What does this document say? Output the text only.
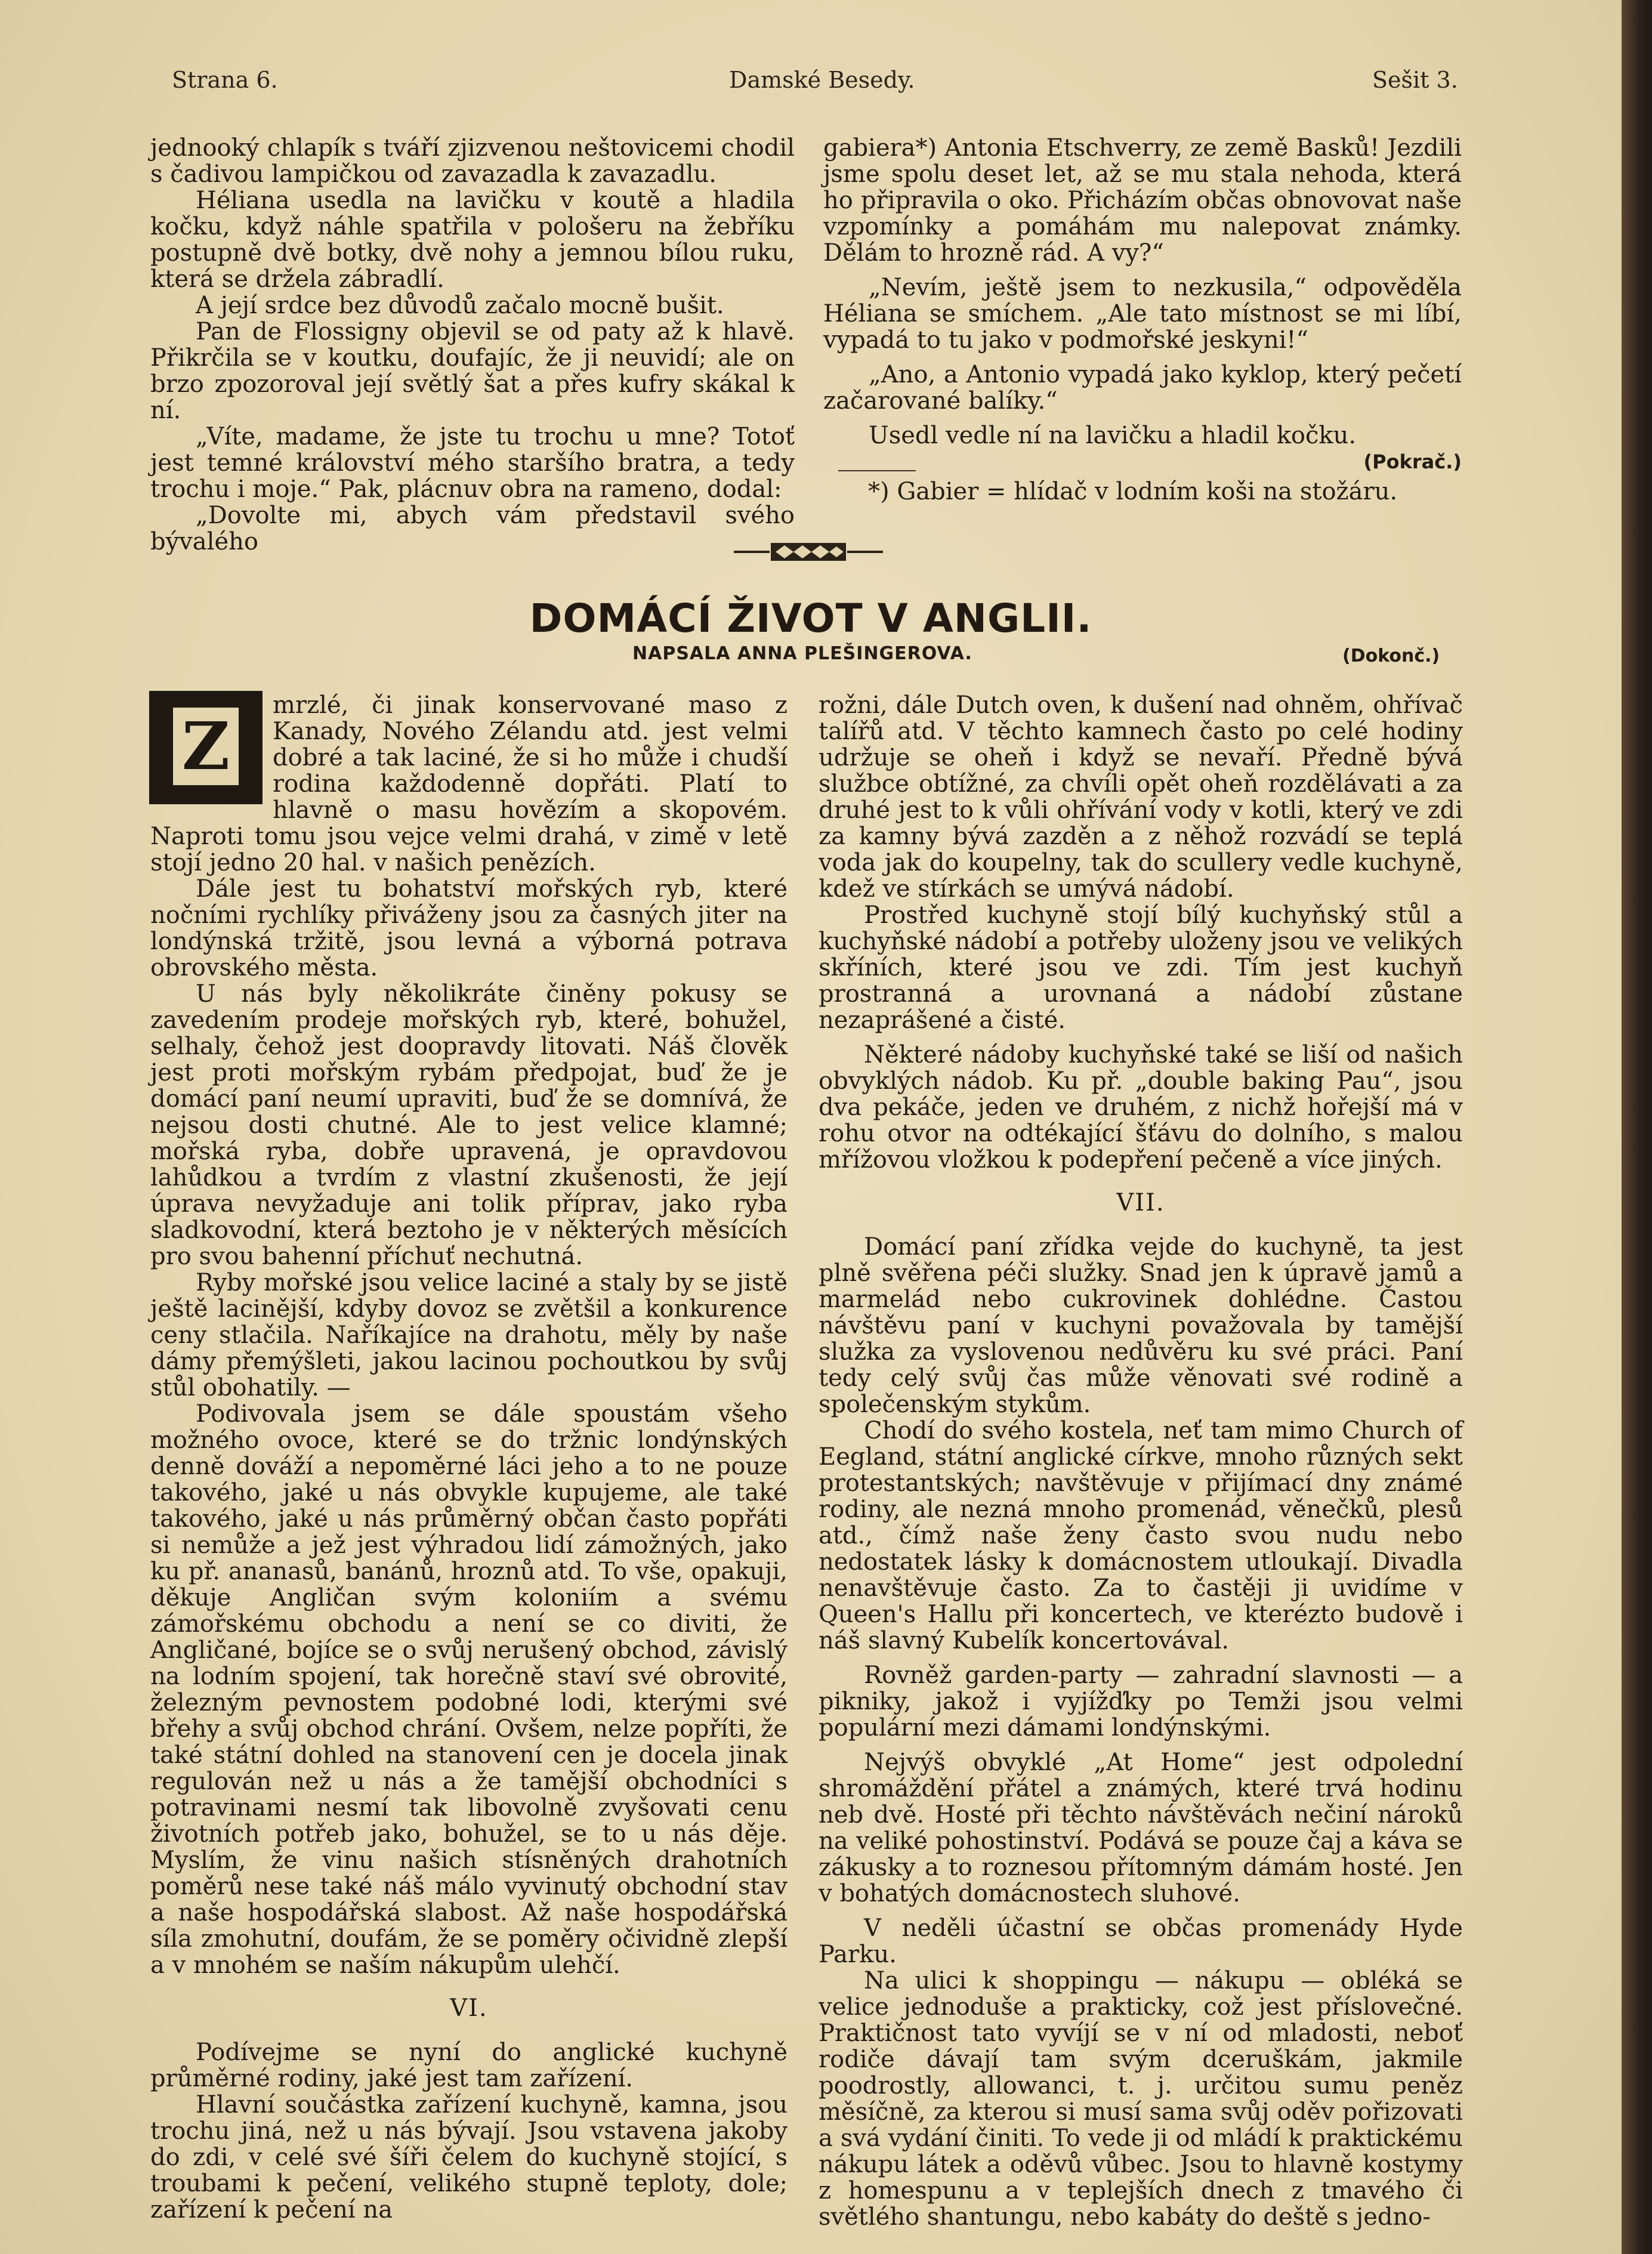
Strana 6.	Damské Besedy.	Sešit 3.

jednooký chlapík s tváří zjizvenou neštovicemi chodil s čadivou lampičkou od zavazadla k zavazadlu.

Héliana usedla na lavičku v koutě a hladila kočku, když náhle spatřila v pološeru na žebříku postupně dvě botky, dvě nohy a jemnou bílou ruku, která se držela zábradlí.

A její srdce bez důvodů začalo mocně bušit.

Pan de Flossigny objevil se od paty až k hlavě. Přikrčila se v koutku, doufajíc, že ji neuvidí; ale on brzo zpozoroval její světlý šat a přes kufry skákal k ní.

„Víte, madame, že jste tu trochu u mne? Totoť jest temné království mého staršího bratra, a tedy trochu i moje.“ Pak, plácnuv obra na rameno, dodal:

„Dovolte mi, abych vám představil svého bývalého

gabiera*) Antonia Etschverry, ze země Basků! Jezdili jsme spolu deset let, až se mu stala nehoda, která ho připravila o oko. Přicházím občas obnovovat naše vzpomínky a pomáhám mu nalepovat známky. Dělám to hrozně rád. A vy?“

„Nevím, ještě jsem to nezkusila,“ odpověděla Héliana se smíchem. „Ale tato místnost se mi líbí, vypadá to tu jako v podmořské jeskyni!“

„Ano, a Antonio vypadá jako kyklop, který pečetí začarované balíky.“

Usedl vedle ní na lavičku a hladil kočku.
(Pokrač.)

*) Gabier = hlídač v lodním koši na stožáru.
DOMÁCÍ ŽIVOT V ANGLII.
NAPSALA ANNA PLEŠINGEROVA.	(Dokonč.)
Z

mrzlé, či jinak konservované maso z Kanady, Nového Zélandu atd. jest velmi dobré a tak laciné, že si ho může i chudší rodina každodenně dopřáti. Platí to hlavně o masu hovězím a skopovém. Naproti tomu jsou vejce velmi drahá, v zimě v letě stojí jedno 20 hal. v našich penězích.

Dále jest tu bohatství mořských ryb, které nočními rychlíky přiváženy jsou za časných jiter na londýnská tržitě, jsou levná a výborná potrava obrovského města.

U nás byly několikráte činěny pokusy se zavedením prodeje mořských ryb, které, bohužel, selhaly, čehož jest doopravdy litovati. Náš člověk jest proti mořským rybám předpojat, buď že je domácí paní neumí upraviti, buď že se domnívá, že nejsou dosti chutné. Ale to jest velice klamné; mořská ryba, dobře upravená, je opravdovou lahůdkou a tvrdím z vlastní zkušenosti, že její úprava nevyžaduje ani tolik příprav, jako ryba sladkovodní, která beztoho je v některých měsících pro svou bahenní příchuť nechutná.

Ryby mořské jsou velice laciné a staly by se jistě ještě lacinější, kdyby dovoz se zvětšil a konkurence ceny stlačila. Naříkajíce na drahotu, měly by naše dámy přemýšleti, jakou lacinou pochoutkou by svůj stůl obohatily. —

Podivovala jsem se dále spoustám všeho možného ovoce, které se do tržnic londýnských denně dováží a nepoměrné láci jeho a to ne pouze takového, jaké u nás obvykle kupujeme, ale také takového, jaké u nás průměrný občan často popřáti si nemůže a jež jest výhradou lidí zámožných, jako ku př. ananasů, banánů, hroznů atd. To vše, opakuji, děkuje Angličan svým koloniím a svému zámořskému obchodu a není se co diviti, že Angličané, bojíce se o svůj nerušený obchod, závislý na lodním spojení, tak horečně staví své obrovité, železným pevnostem podobné lodi, kterými své břehy a svůj obchod chrání. Ovšem, nelze popříti, že také státní dohled na stanovení cen je docela jinak regulován než u nás a že tamější obchodníci s potravinami nesmí tak libovolně zvyšovati cenu životních potřeb jako, bohužel, se to u nás děje. Myslím, že vinu našich stísněných drahotních poměrů nese také náš málo vyvinutý obchodní stav a naše hospodářská slabost. Až naše hospodářská síla zmohutní, doufám, že se poměry očividně zlepší a v mnohém se naším nákupům ulehčí.

VI.

Podívejme se nyní do anglické kuchyně průměrné rodiny, jaké jest tam zařízení.

Hlavní součástka zařízení kuchyně, kamna, jsou trochu jiná, než u nás bývají. Jsou vstavena jakoby do zdi, v celé své šíři čelem do kuchyně stojící, s troubami k pečení, velikého stupně teploty, dole; zařízení k pečení na

rožni, dále Dutch oven, k dušení nad ohněm, ohřívač talířů atd. V těchto kamnech často po celé hodiny udržuje se oheň i když se nevaří. Předně bývá službce obtížné, za chvíli opět oheň rozdělávati a za druhé jest to k vůli ohřívání vody v kotli, který ve zdi za kamny bývá zazděn a z něhož rozvádí se teplá voda jak do koupelny, tak do scullery vedle kuchyně, kdež ve stírkách se umývá nádobí.

Prostřed kuchyně stojí bílý kuchyňský stůl a kuchyňské nádobí a potřeby uloženy jsou ve velikých skříních, které jsou ve zdi. Tím jest kuchyň prostranná a urovnaná a nádobí zůstane nezaprášené a čisté.

Některé nádoby kuchyňské také se liší od našich obvyklých nádob. Ku př. „double baking Pau“, jsou dva pekáče, jeden ve druhém, z nichž hořejší má v rohu otvor na odtékající šťávu do dolního, s malou mřížovou vložkou k podepření pečeně a více jiných.

VII.

Domácí paní zřídka vejde do kuchyně, ta jest plně svěřena péči služky. Snad jen k úpravě jamů a marmelád nebo cukrovinek dohlédne. Častou návštěvu paní v kuchyni považovala by tamější služka za vyslovenou nedůvěru ku své práci. Paní tedy celý svůj čas může věnovati své rodině a společenským stykům.

Chodí do svého kostela, neť tam mimo Church of Eegland, státní anglické církve, mnoho různých sekt protestantských; navštěvuje v přijímací dny známé rodiny, ale nezná mnoho promenád, věnečků, plesů atd., čímž naše ženy často svou nudu nebo nedostatek lásky k domácnostem utloukají. Divadla nenavštěvuje často. Za to častěji ji uvidíme v Queen's Hallu při koncertech, ve kterézto budově i náš slavný Kubelík koncertovával.

Rovněž garden-party — zahradní slavnosti — a pikniky, jakož i vyjížďky po Temži jsou velmi populární mezi dámami londýnskými.

Nejvýš obvyklé „At Home“ jest odpolední shromáždění přátel a známých, které trvá hodinu neb dvě. Hosté při těchto návštěvách nečiní nároků na veliké pohostinství. Podává se pouze čaj a káva se zákusky a to roznesou přítomným dámám hosté. Jen v bohatých domácnostech sluhové.

V neděli účastní se občas promenády Hyde Parku.

Na ulici k shoppingu — nákupu — obléká se velice jednoduše a prakticky, což jest příslovečné. Praktičnost tato vyvíjí se v ní od mladosti, neboť rodiče dávají tam svým dceruškám, jakmile poodrostly, allowanci, t. j. určitou sumu peněz měsíčně, za kterou si musí sama svůj oděv pořizovati a svá vydání činiti. To vede ji od mládí k praktickému nákupu látek a oděvů vůbec. Jsou to hlavně kostymy z homespunu a v teplejších dnech z tmavého či světlého shantungu, nebo kabáty do deště s jedno-
